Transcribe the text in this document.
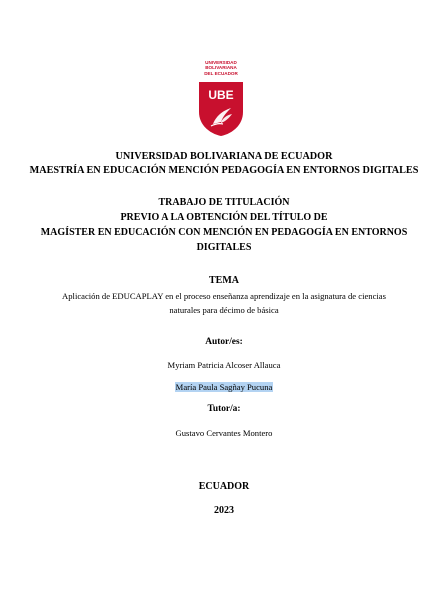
UNIVERSIDAD
BOLIVARIANA
DEL ECUADOR
UBE
UNIVERSIDAD BOLIVARIANA DE ECUADOR
MAESTRÍA EN EDUCACIÓN MENCIÓN PEDAGOGÍA EN ENTORNOS DIGITALES
TRABAJO DE TITULACIÓN
PREVIO A LA OBTENCIÓN DEL TÍTULO DE
MAGÍSTER EN EDUCACIÓN CON MENCIÓN EN PEDAGOGÍA EN ENTORNOS
DIGITALES
TEMA
Aplicación de EDUCAPLAY en el proceso enseñanza aprendizaje en la asignatura de ciencias
naturales para décimo de básica
Autor/es:
Myriam Patricia Alcoser Allauca
María Paula Sagñay Pucuna
Tutor/a:
Gustavo Cervantes Montero
ECUADOR
2023
